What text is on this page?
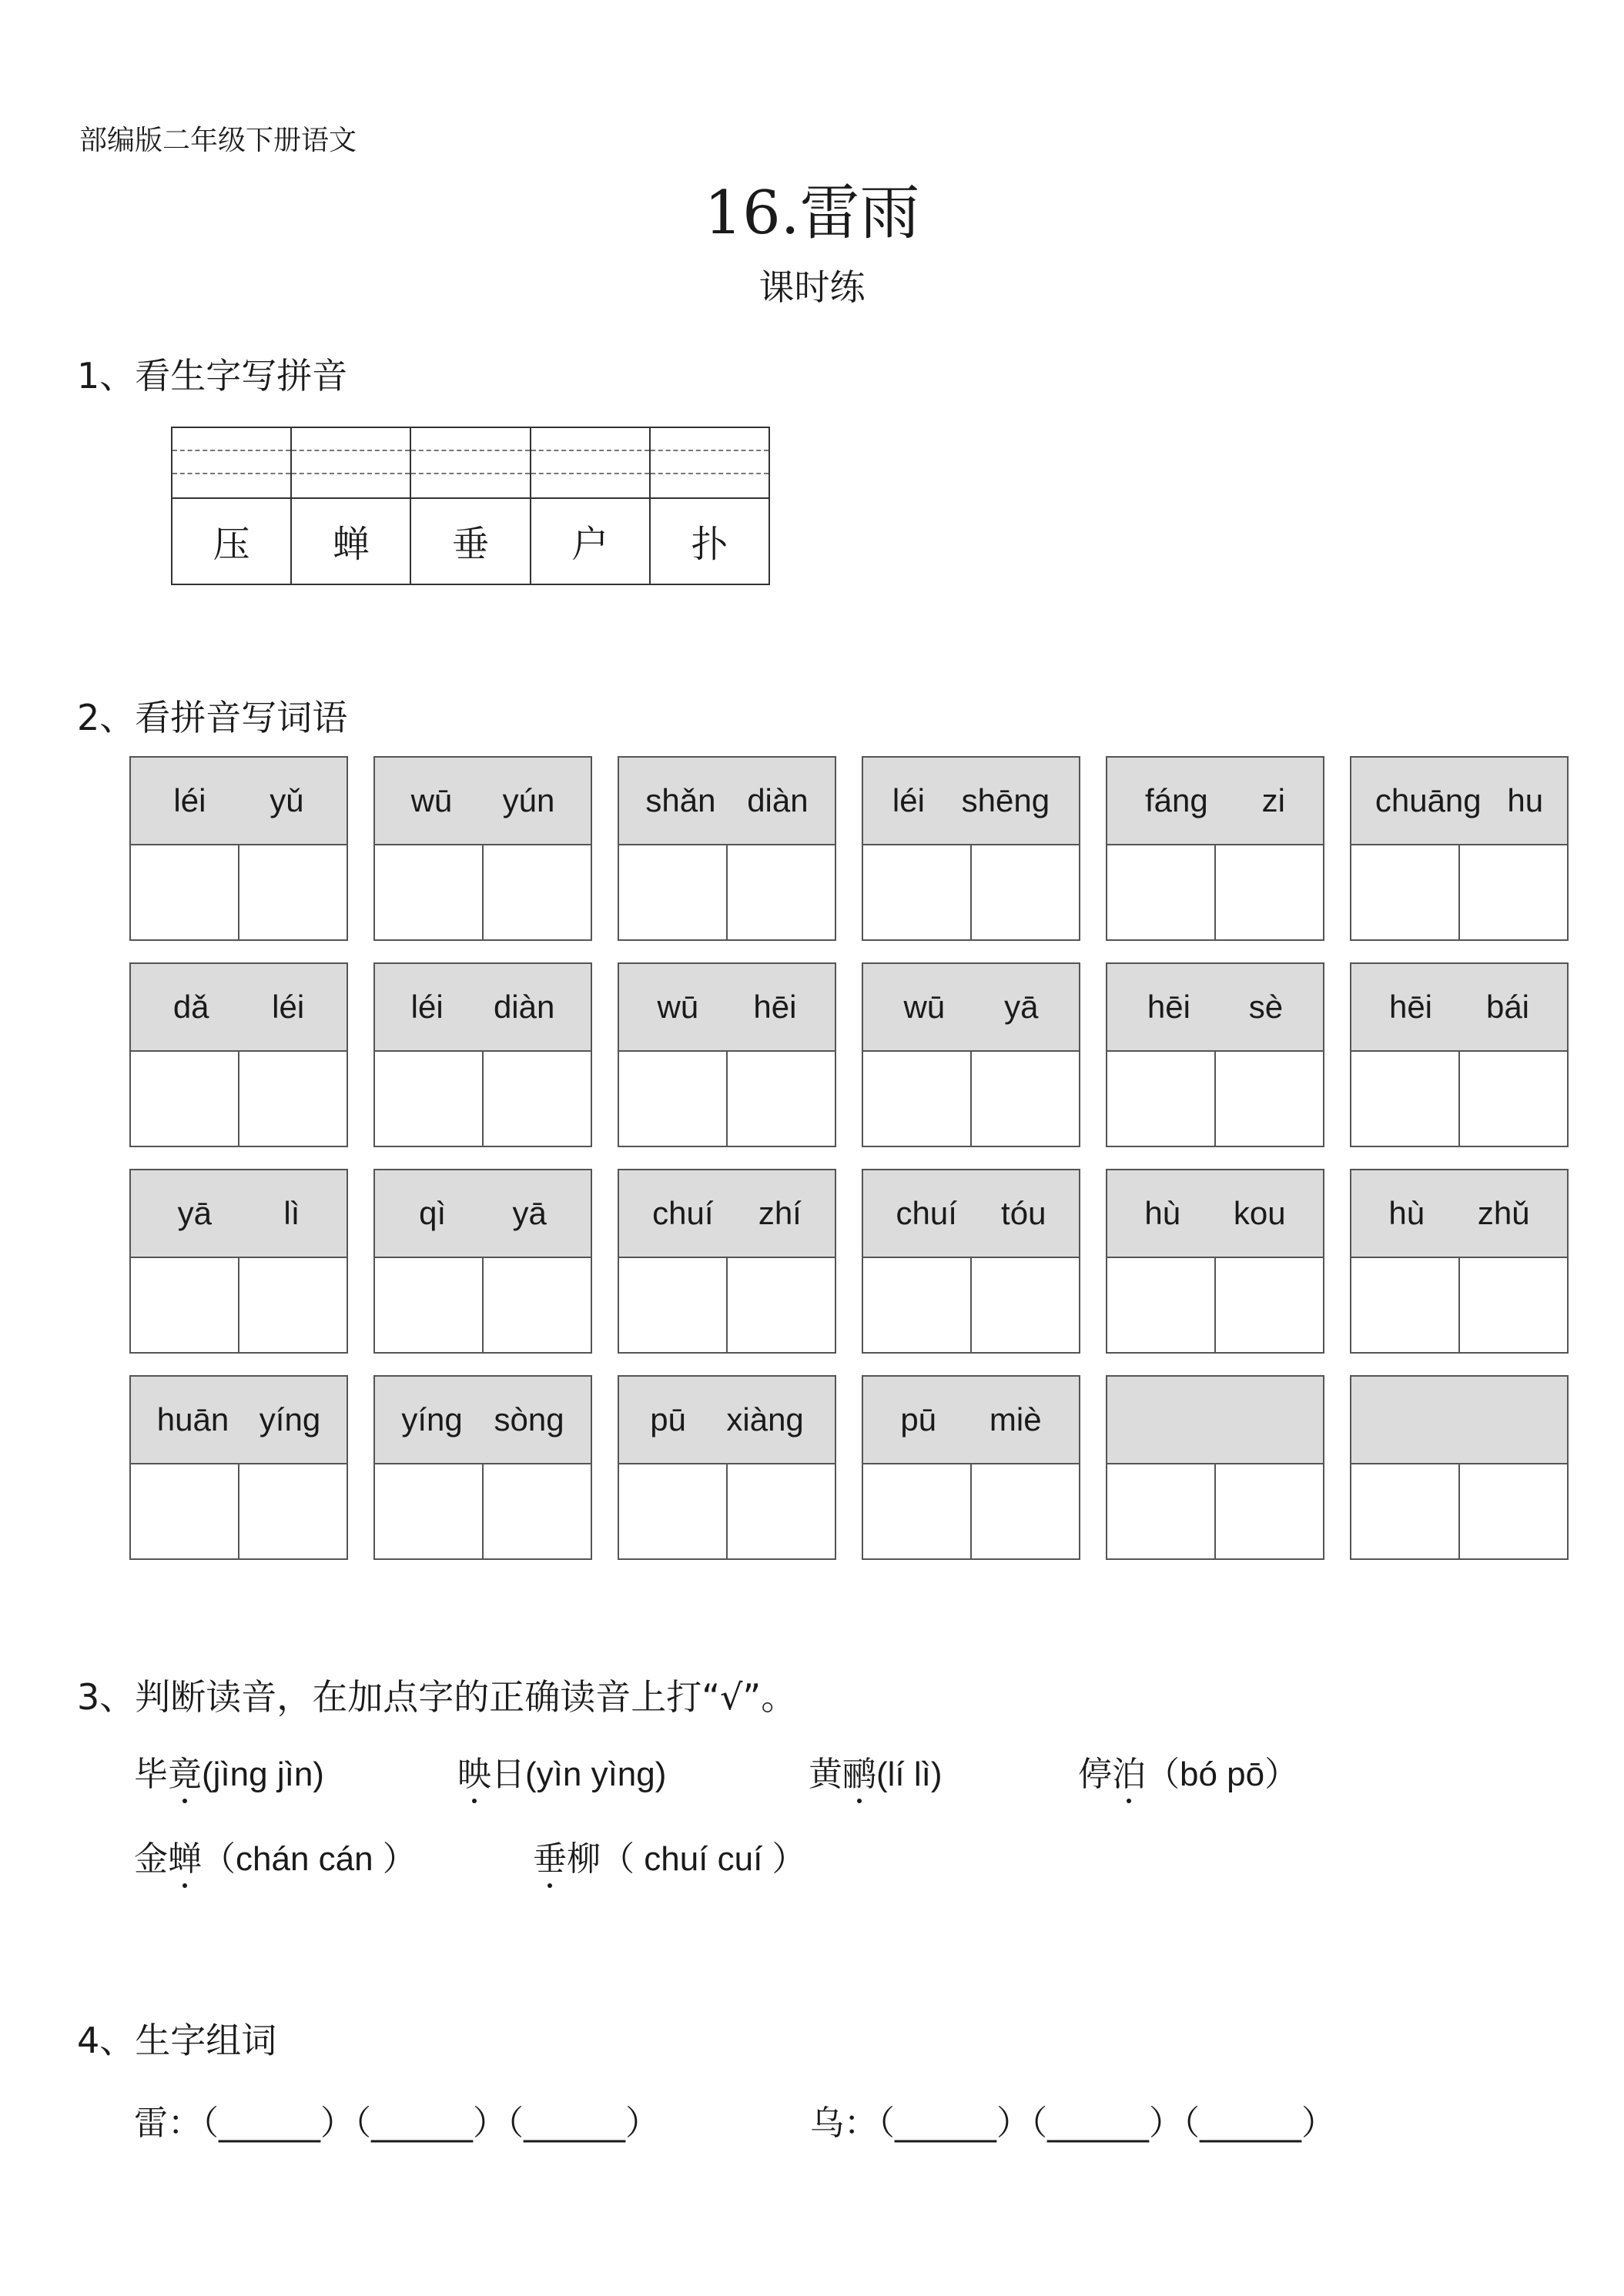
部编版二年级下册语文
16.雷雨
课时练
1、看生字写拼音
压	蝉	垂	户	扑
2、看拼音写词语
léi yǔ	wū yún	shǎn diàn	léi shēng	fáng zi	chuāng hu
dǎ léi	léi diàn	wū hēi	wū yā	hēi sè	hēi bái
yā lì	qì yā	chuí zhí	chuí tóu	hù kou	hù zhǔ
huān yíng	yíng sòng	pū xiàng	pū miè
3、判断读音，在加点字的正确读音上打“√”。
毕竟(jìng jìn)	映日(yìn yìng)	黄鹂(lí lì)	停泊（bó pō）
金蝉（chán cán ）	垂柳（ chuí cuí ）
4、生字组词
雷：（______）（______）（______）	乌：（______）（______）（______）
